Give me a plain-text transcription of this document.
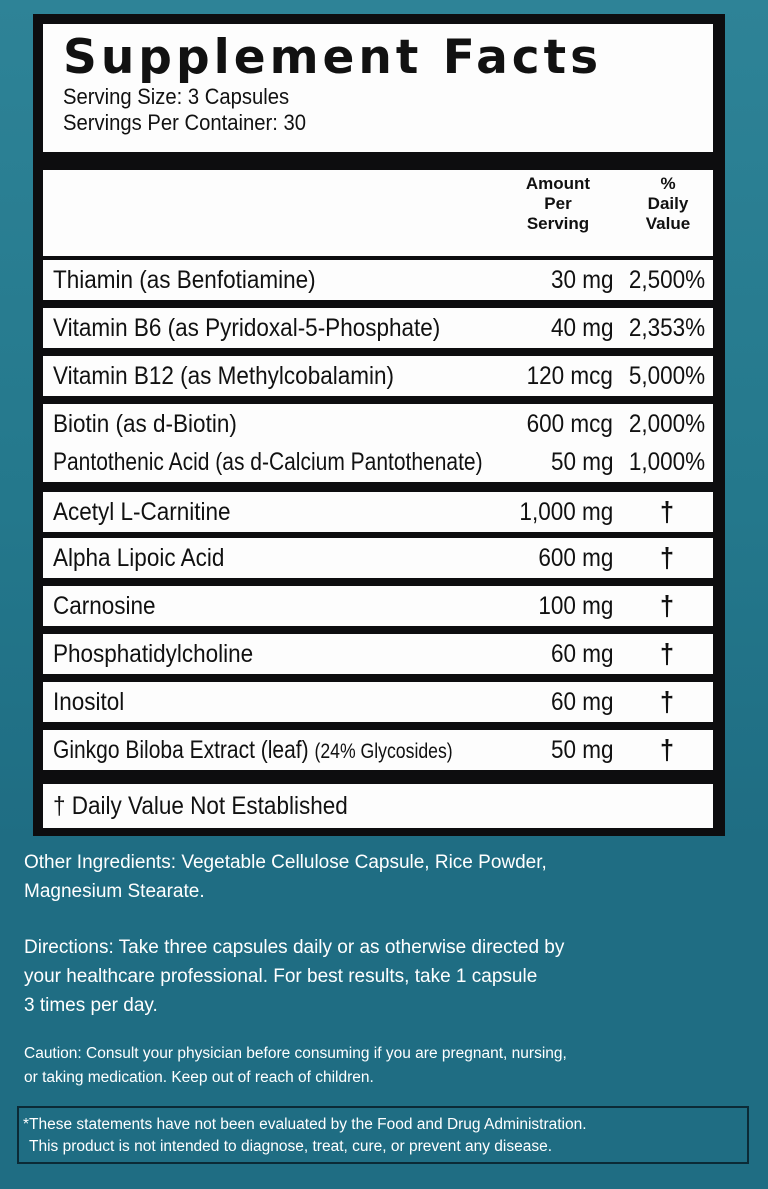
Supplement Facts
Serving Size: 3 Capsules
Servings Per Container: 30
Amount
Per
Serving
%
Daily
Value
Thiamin (as Benfotiamine)	30 mg 2,500%
Vitamin B6 (as Pyridoxal-5-Phosphate)	40 mg 2,353%
Vitamin B12 (as Methylcobalamin)	120 mcg 5,000%
Biotin (as d-Biotin)	600 mcg 2,000%
Pantothenic Acid (as d-Calcium Pantothenate)	50 mg 1,000%
Acetyl L-Carnitine	1,000 mg	†
Alpha Lipoic Acid	600 mg	†
Carnosine	100 mg	†
Phosphatidylcholine	60 mg	†
Inositol	60 mg	†
Ginkgo Biloba Extract (leaf) (24% Glycosides)	50 mg	†
† Daily Value Not Established
Other Ingredients: Vegetable Cellulose Capsule, Rice Powder,
Magnesium Stearate.
Directions: Take three capsules daily or as otherwise directed by
your healthcare professional. For best results, take 1 capsule
3 times per day.
Caution: Consult your physician before consuming if you are pregnant, nursing,
or taking medication. Keep out of reach of children.
*These statements have not been evaluated by the Food and Drug Administration.
This product is not intended to diagnose, treat, cure, or prevent any disease.
